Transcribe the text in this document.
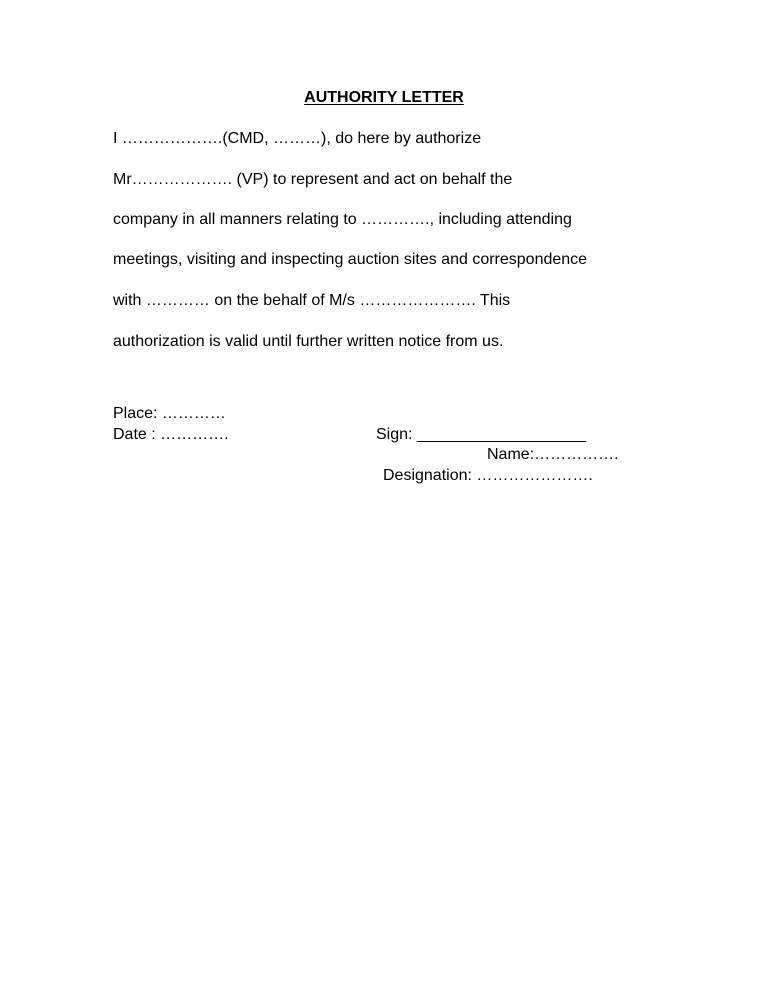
AUTHORITY LETTER
I ……………….(CMD, ………), do here by authorize
Mr………………. (VP) to represent and act on behalf the
company in all manners relating to …………., including attending
meetings, visiting and inspecting auction sites and correspondence
with ………… on the behalf of M/s …………………. This
authorization is valid until further written notice from us.
Place: …………
Date : ………….	Sign: ___________________
Name:…………….
Designation: ………………….
